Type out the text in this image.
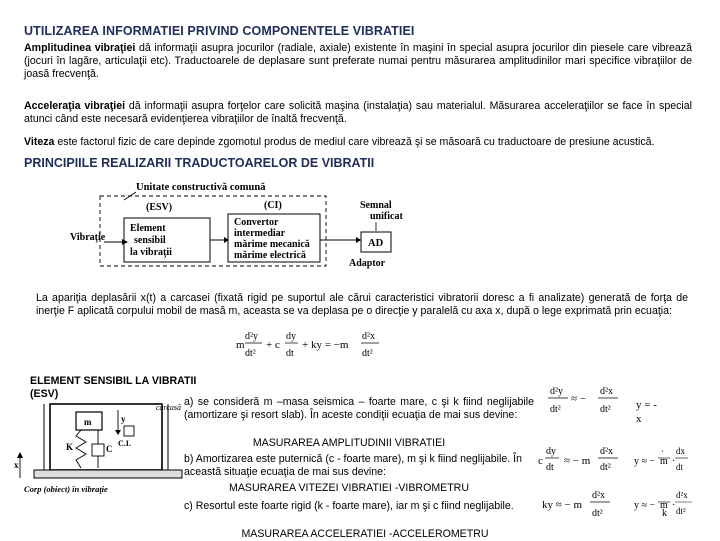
UTILIZAREA INFORMATIEI PRIVIND COMPONENTELE VIBRATIEI
Amplitudinea vibraţiei dă informaţii asupra jocurilor (radiale, axiale) existente în maşini în special asupra jocurilor din piesele care vibrează (jocuri în lagăre, articulaţii etc). Traductoarele de deplasare sunt preferate numai pentru măsurarea amplitudinilor mari specifice vibraţiilor de joasă frecvenţă.
Acceleraţia vibraţiei dă informaţii asupra forţelor care solicită maşina (instalaţia) sau materialul. Măsurarea acceleraţiilor se face în special atunci când este necesară evidenţierea vibraţiilor de înaltă frecvenţă.
Viteza este factorul fizic de care depinde zgomotul produs de mediul care vibrează şi se măsoară cu traductoare de presiune acustică.
PRINCIPIILE REALIZARII TRADUCTOARELOR DE VIBRATII
Unitate constructivă comună
(ESV)	(CI)
Element
sensibil
la vibraţii
Convertor
intermediar
mărime mecanică
mărime electrică
Vibraţie
AD
Adaptor
Semnal
unificat
La apariţia deplasării x(t) a carcasei (fixată rigid pe suportul ale cărui caracteristici vibratorii doresc a fi analizate) generată de forţa de inerţie F aplicată corpului mobil de masă m, aceasta se va deplasa pe o direcţie y paralelă cu axa x, după o lege exprimată prin ecuaţia:
m
d²y
dt²
+ c
dy
dt
+ ky = −m
d²x
dt²
ELEMENT SENSIBIL LA VIBRATII
(ESV)
carcasă
m
K	C
y
C.I.
x
Corp (obiect) în vibraţie
a) se consideră m –masa seismica – foarte mare, c şi k fiind neglijabile (amortizare şi resort slab). În aceste condiţii ecuaţia de mai sus devine:
MASURAREA AMPLITUDINII VIBRATIEI
b) Amortizarea este puternică (c - foarte mare), m şi k fiind neglijabile. În această situaţie ecuaţia de mai sus devine:
MASURAREA VITEZEI VIBRATIEI -VIBROMETRU
c) Resortul este foarte rigid (k - foarte mare), iar m şi c fiind neglijabile.
MASURAREA ACCELERATIEI -ACCELEROMETRU
d²y
dt²
≈ −
d²x
dt² y = -
x
c
dy
dt
≈ − m
d²x
dt²
y ≈ − m
·
·
dx
dt
ky ≈ − m
d²x
dt²
y ≈ − m
k
·
d²x
dt²
